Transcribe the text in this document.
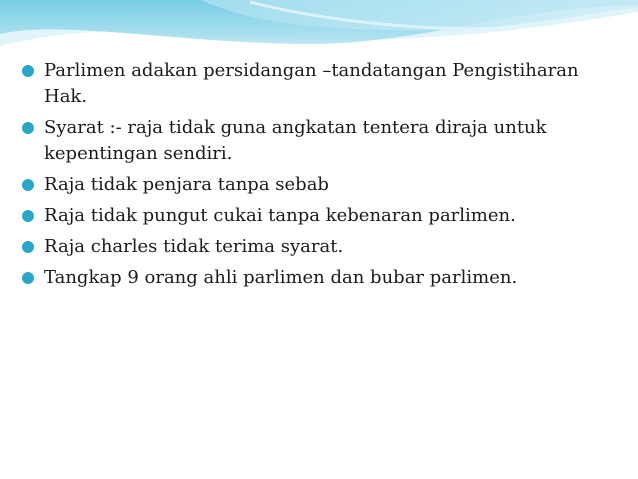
Parlimen adakan persidangan –tandatangan Pengistiharan Hak.
Syarat :- raja tidak guna angkatan tentera diraja untuk kepentingan sendiri.
Raja tidak penjara tanpa sebab
Raja tidak pungut cukai tanpa kebenaran parlimen.
Raja charles tidak terima syarat.
Tangkap 9 orang ahli parlimen dan bubar parlimen.
